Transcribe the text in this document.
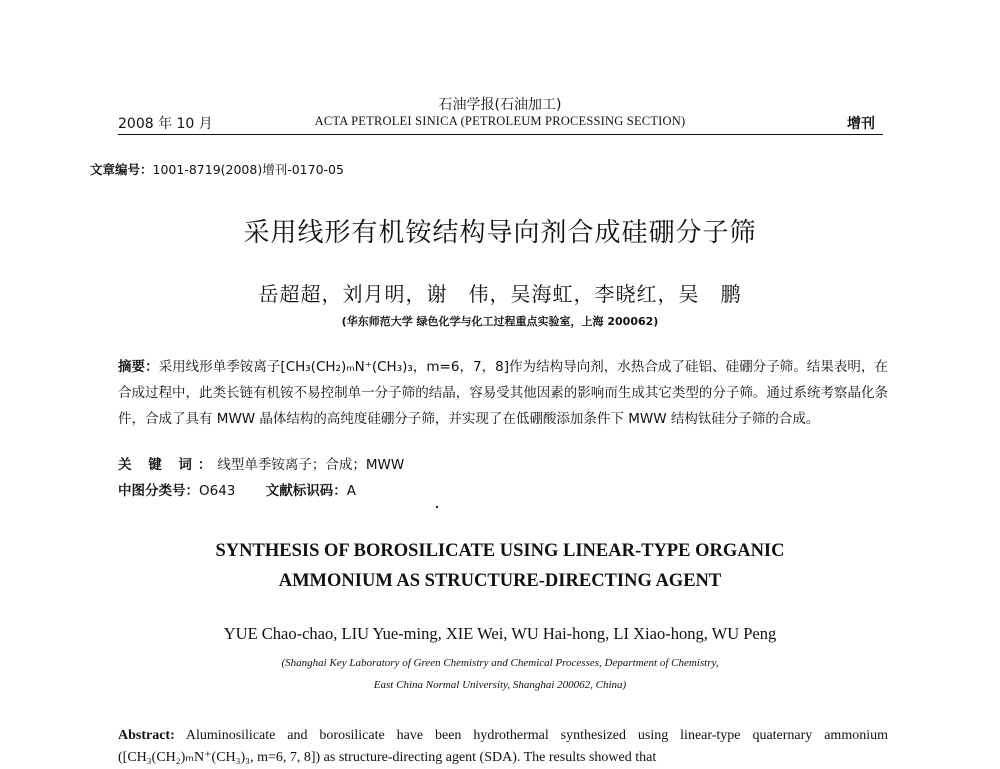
石油学报(石油加工)
2008 年 10 月	ACTA PETROLEI SINICA (PETROLEUM PROCESSING SECTION)	增刊
文章编号：1001-8719(2008)增刊-0170-05
采用线形有机铵结构导向剂合成硅硼分子筛
岳超超，刘月明，谢　伟，吴海虹，李晓红，吴　鹏
(华东师范大学 绿色化学与化工过程重点实验室，上海 200062)
摘要：采用线形单季铵离子[CH₃(CH₂)ₘN⁺(CH₃)₃，m=6，7，8]作为结构导向剂，水热合成了硅铝、硅硼分子筛。结果表明，在合成过程中，此类长链有机铵不易控制单一分子筛的结晶，容易受其他因素的影响而生成其它类型的分子筛。通过系统考察晶化条件，合成了具有 MWW 晶体结构的高纯度硅硼分子筛，并实现了在低硼酸添加条件下 MWW 结构钛硅分子筛的合成。
关 键 词：线型单季铵离子；合成；MWW
中图分类号：O643 文献标识码：A
SYNTHESIS OF BOROSILICATE USING LINEAR-TYPE ORGANIC
AMMONIUM AS STRUCTURE-DIRECTING AGENT
YUE Chao-chao, LIU Yue-ming, XIE Wei, WU Hai-hong, LI Xiao-hong, WU Peng
(Shanghai Key Laboratory of Green Chemistry and Chemical Processes, Department of Chemistry,
East China Normal University, Shanghai 200062, China)
Abstract: Aluminosilicate and borosilicate have been hydrothermal synthesized using linear-type quaternary ammonium ([CH₃(CH₂)ₘN⁺(CH₃)₃, m=6, 7, 8]) as structure-directing agent (SDA). The results showed that
